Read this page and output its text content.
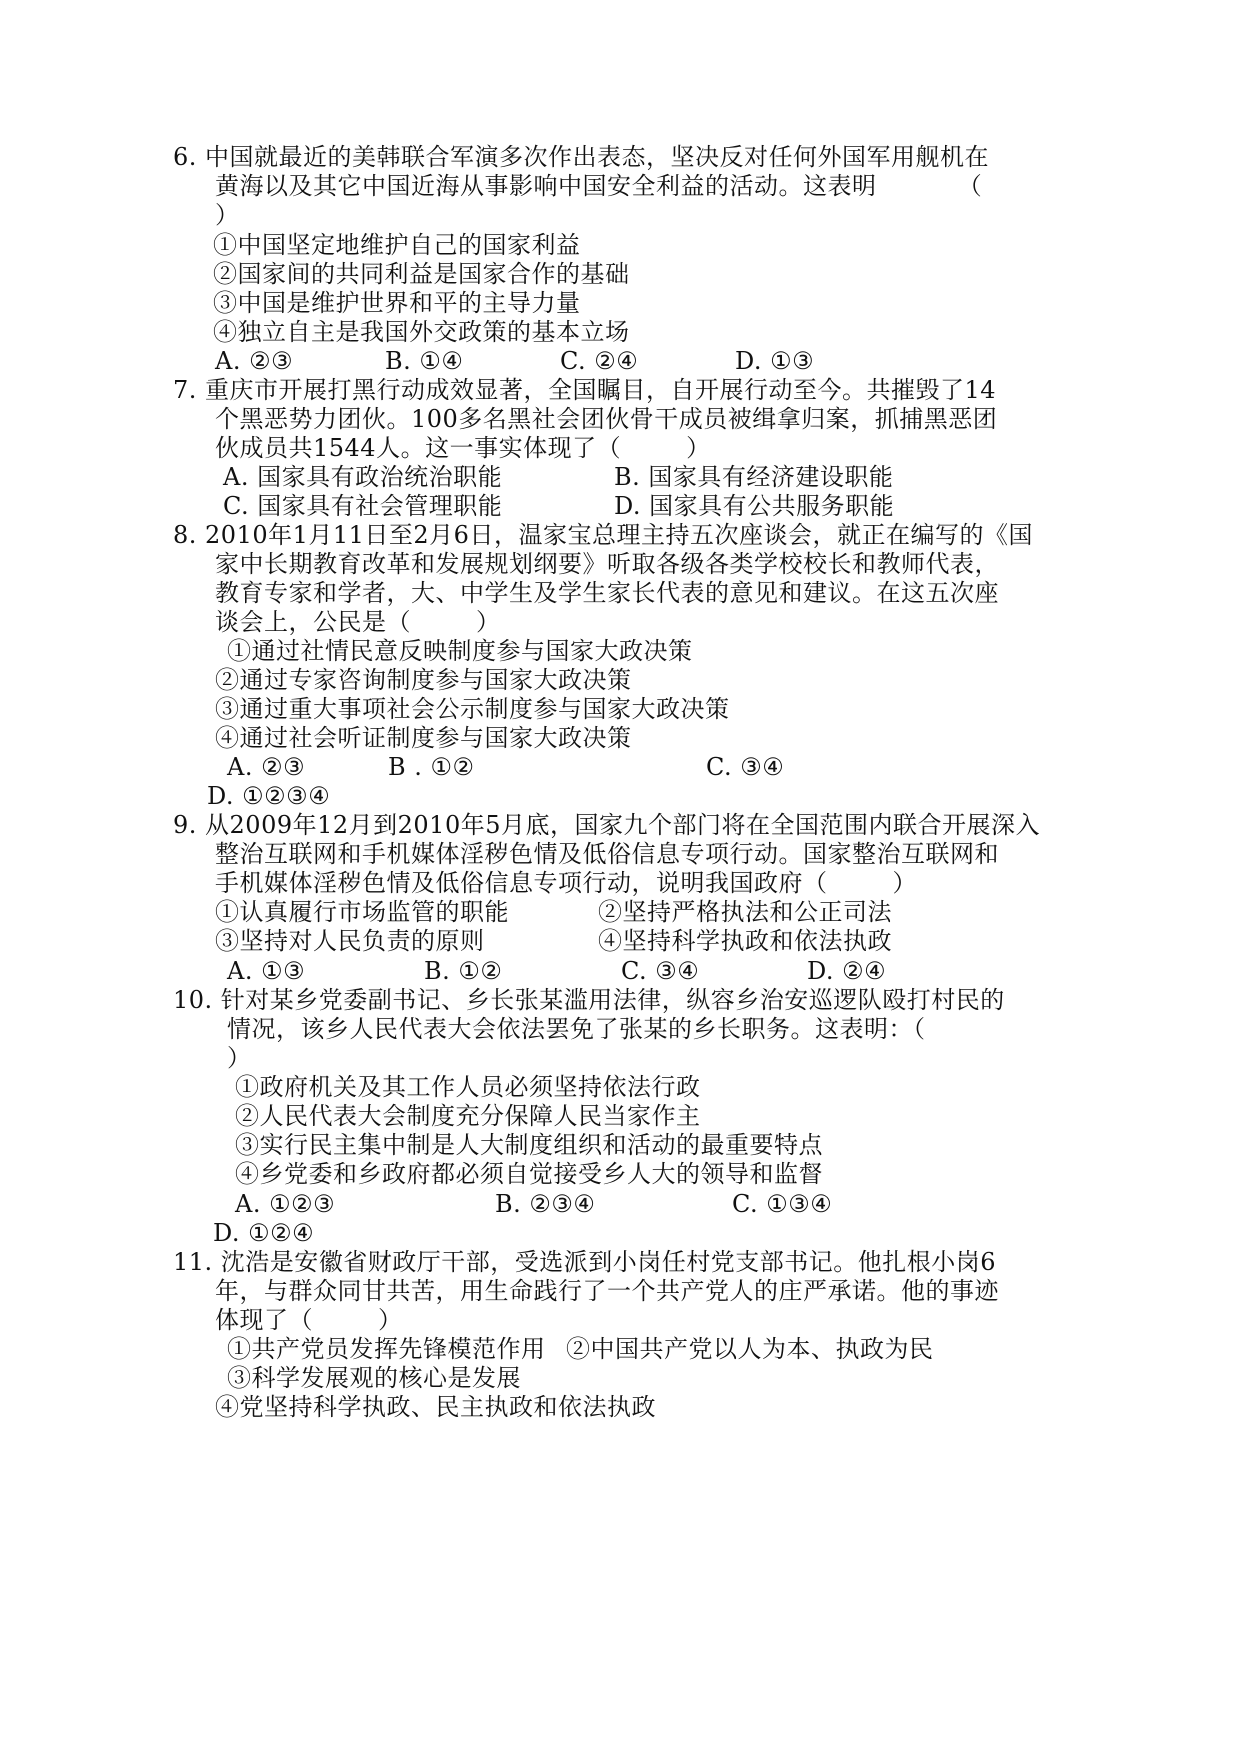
6. 中国就最近的美韩联合军演多次作出表态，坚决反对任何外国军用舰机在
黄海以及其它中国近海从事影响中国安全利益的活动。这表明          （
）
①中国坚定地维护自己的国家利益
②国家间的共同利益是国家合作的基础
③中国是维护世界和平的主导力量
④独立自主是我国外交政策的基本立场
A. ②③	B. ①④	C. ②④	D. ①③
7. 重庆市开展打黑行动成效显著，全国瞩目，自开展行动至今。共摧毁了14
个黑恶势力团伙。100多名黑社会团伙骨干成员被缉拿归案，抓捕黑恶团
伙成员共1544人。这一事实体现了（        ）
A. 国家具有政治统治职能	B. 国家具有经济建设职能
C. 国家具有社会管理职能	D. 国家具有公共服务职能
8. 2010年1月11日至2月6日，温家宝总理主持五次座谈会，就正在编写的《国
家中长期教育改革和发展规划纲要》听取各级各类学校校长和教师代表，
教育专家和学者，大、中学生及学生家长代表的意见和建议。在这五次座
谈会上，公民是（        ）
①通过社情民意反映制度参与国家大政决策
②通过专家咨询制度参与国家大政决策
③通过重大事项社会公示制度参与国家大政决策
④通过社会听证制度参与国家大政决策
A. ②③	B . ①②	C. ③④
D. ①②③④
9. 从2009年12月到2010年5月底，国家九个部门将在全国范围内联合开展深入
整治互联网和手机媒体淫秽色情及低俗信息专项行动。国家整治互联网和
手机媒体淫秽色情及低俗信息专项行动，说明我国政府（        ）
①认真履行市场监管的职能	②坚持严格执法和公正司法
③坚持对人民负责的原则	④坚持科学执政和依法执政
A. ①③	B. ①②	C. ③④	D. ②④
10. 针对某乡党委副书记、乡长张某滥用法律，纵容乡治安巡逻队殴打村民的
情况，该乡人民代表大会依法罢免了张某的乡长职务。这表明：（
）
①政府机关及其工作人员必须坚持依法行政
②人民代表大会制度充分保障人民当家作主
③实行民主集中制是人大制度组织和活动的最重要特点
④乡党委和乡政府都必须自觉接受乡人大的领导和监督
A. ①②③	B. ②③④	C. ①③④
D. ①②④
11. 沈浩是安徽省财政厅干部，受选派到小岗任村党支部书记。他扎根小岗6
年，与群众同甘共苦，用生命践行了一个共产党人的庄严承诺。他的事迹
体现了（        ）
①共产党员发挥先锋模范作用 ②中国共产党以人为本、执政为民
③科学发展观的核心是发展
④党坚持科学执政、民主执政和依法执政
